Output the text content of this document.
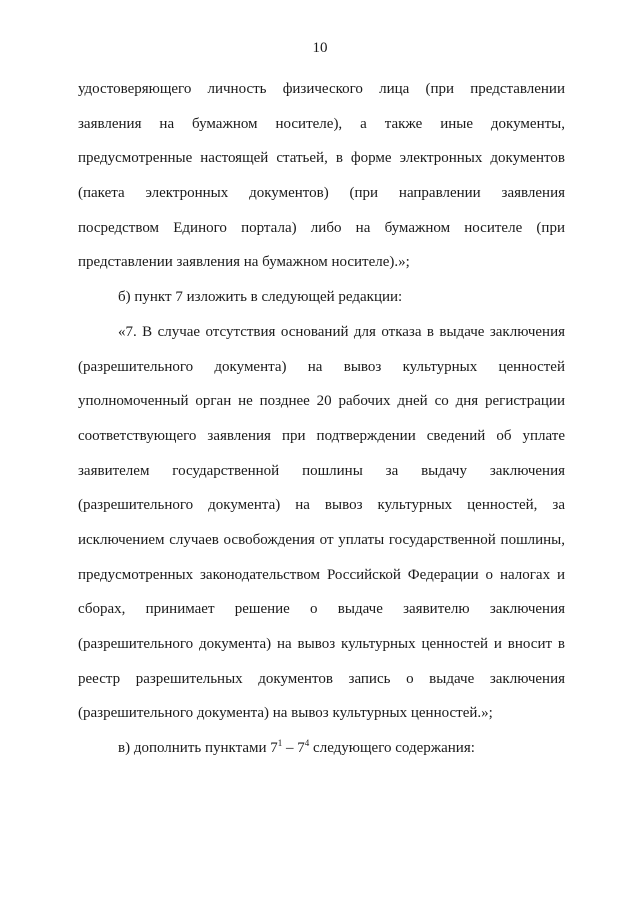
10
удостоверяющего личность физического лица (при представлении
заявления на бумажном носителе), а также иные документы,
предусмотренные настоящей статьей, в форме электронных документов
(пакета электронных документов) (при направлении заявления
посредством Единого портала) либо на бумажном носителе (при
представлении заявления на бумажном носителе).»;
б) пункт 7 изложить в следующей редакции:
«7. В случае отсутствия оснований для отказа в выдаче заключения
(разрешительного документа) на вывоз культурных ценностей
уполномоченный орган не позднее 20 рабочих дней со дня регистрации
соответствующего заявления при подтверждении сведений об уплате
заявителем государственной пошлины за выдачу заключения
(разрешительного документа) на вывоз культурных ценностей, за
исключением случаев освобождения от уплаты государственной пошлины,
предусмотренных законодательством Российской Федерации о налогах и
сборах, принимает решение о выдаче заявителю заключения
(разрешительного документа) на вывоз культурных ценностей и вносит в
реестр разрешительных документов запись о выдаче заключения
(разрешительного документа) на вывоз культурных ценностей.»;
в) дополнить пунктами $7^1 - 7^4$ следующего содержания:
